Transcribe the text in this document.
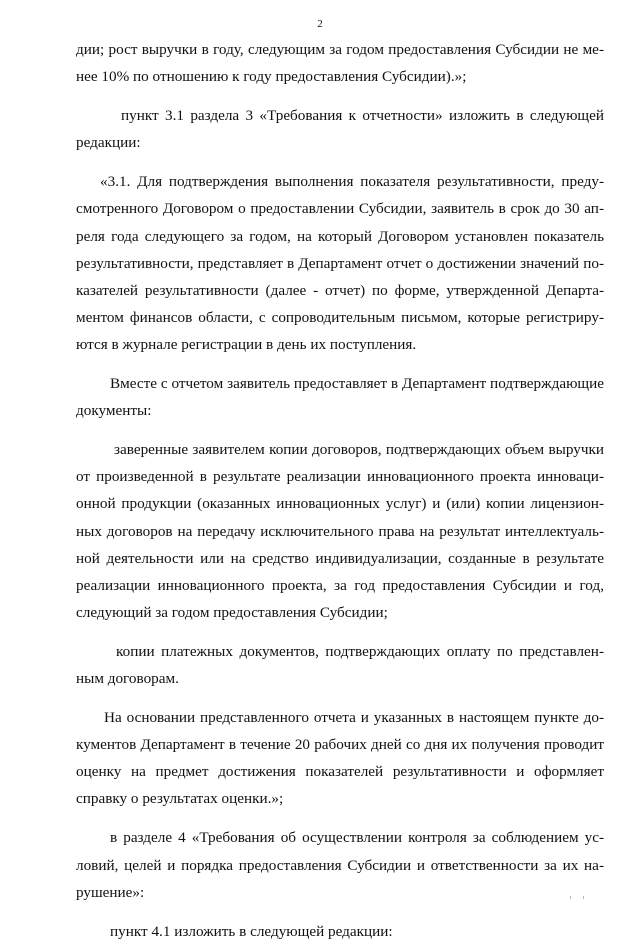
2

дии; рост выручки в году, следующим за годом предоставления Субсидии не менее 10% по отношению к году предоставления Субсидии).»;

пункт 3.1 раздела 3 «Требования к отчетности» изложить в следующей редакции:

«3.1. Для подтверждения выполнения показателя результативности, предусмотренного Договором о предоставлении Субсидии, заявитель в срок до 30 апреля года следующего за годом, на который Договором установлен показатель результативности, представляет в Департамент отчет о достижении значений показателей результативности (далее - отчет) по форме, утвержденной Департаментом финансов области, с сопроводительным письмом, которые регистрируются в журнале регистрации в день их поступления.

Вместе с отчетом заявитель предоставляет в Департамент подтверждающие документы:

заверенные заявителем копии договоров, подтверждающих объем выручки от произведенной в результате реализации инновационного проекта инновационной продукции (оказанных инновационных услуг) и (или) копии лицензионных договоров на передачу исключительного права на результат интеллектуальной деятельности или на средство индивидуализации, созданные в результате реализации инновационного проекта, за год предоставления Субсидии и год, следующий за годом предоставления Субсидии;

копии платежных документов, подтверждающих оплату по представленным договорам.

На основании представленного отчета и указанных в настоящем пункте документов Департамент в течение 20 рабочих дней со дня их получения проводит оценку на предмет достижения показателей результативности и оформляет справку о результатах оценки.»;

в разделе 4 «Требования об осуществлении контроля за соблюдением условий, целей и порядка предоставления Субсидии и ответственности за их нарушение»:

пункт 4.1 изложить в следующей редакции:
